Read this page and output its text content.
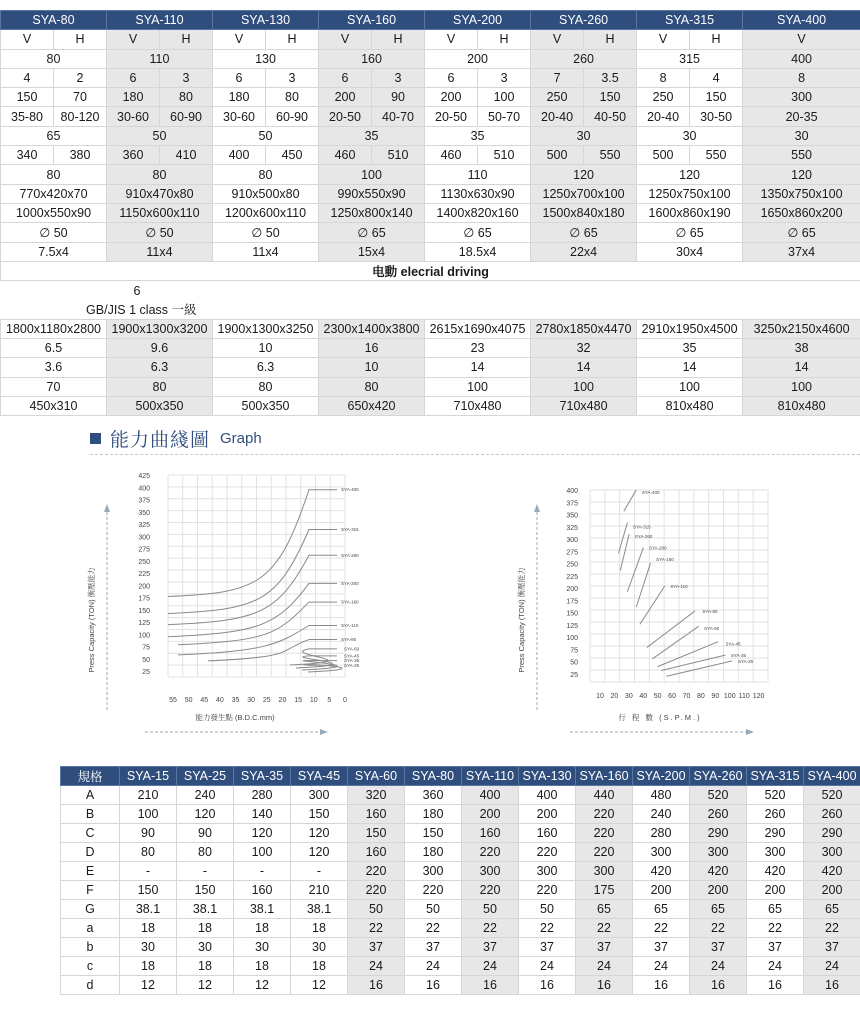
SYA-80		SYA-110		SYA-130		SYA-160		SYA-200		SYA-260		SYA-315		SYA-400
V	H	V	H	V	H	V	H	V	H	V	H	V	H	V
80		110		130		160		200		260		315		400
4	2	6	3	6	3	6	3	6	3	7	3.5	8	4	8
150	70	180	80	180	80	200	90	200	100	250	150	250	150	300
35-80	80-120	30-60	60-90	30-60	60-90	20-50	40-70	20-50	50-70	20-40	40-50	20-40	30-50	20-35
65		50		50		35		35		30		30		30
340	380	360	410	400	450	460	510	460	510	500	550	500	550	550
80		80		80		100		110		120		120		120
770x420x70		910x470x80		910x500x80		990x550x90		1130x630x90		1250x700x100		1250x750x100		1350x750x100
1000x550x90		1150x600x110		1200x600x110		1250x800x140		1400x820x160		1500x840x180		1600x860x190		1650x860x200
∅ 50		∅ 50		∅ 50		∅ 65		∅ 65		∅ 65		∅ 65		∅ 65
7.5x4		11x4		11x4		15x4		18.5x4		22x4		30x4		37x4
电動 elecrial driving														
6														
GB/JIS 1 class 一級														
1800x1180x2800		1900x1300x3200		1900x1300x3250		2300x1400x3800		2615x1690x4075		2780x1850x4470		2910x1950x4500		3250x2150x4600
6.5		9.6		10		16		23		32		35		38
3.6		6.3		6.3		10		14		14		14		14
70		80		80		80		100		100		100		100
450x310		500x350		500x350		650x420		710x480		710x480		810x480		810x480
能力曲綫圖 Graph
425
400
375
350
325
300
275
250
225
200
175
150
125
100
75
50
25
55 50 45 40 35 30 25 20 15 10 5 0
SYA-400
SYA-315
SYA-260
SYA-200
SYA-160
SYA-110
SYA-80
SYA-60
SYA-45
SYA-35
SYA-25
Press Capacity (TON) 衝壓能力
能力發生點 (B.D.C.mm)
400
375
350
325
300
275
250
225
200
175
150
125
100
75
50
25
10 20 30 40 50 60 70 80 90 100 110 120
SYA-400
SYA-315
SYA-260
SYA-200
SYA-160
SYA-110
SYA-80
SYA-60
SYA-45
SYA-35
SYA-25
Press Capacity (TON) 衝壓能力
行 程 數 (S.P.M.)
規格	SYA-15	SYA-25	SYA-35	SYA-45	SYA-60	SYA-80	SYA-110	SYA-130	SYA-160	SYA-200	SYA-260	SYA-315	SYA-400
A	210	240	280	300	320	360	400	400	440	480	520	520	520
B	100	120	140	150	160	180	200	200	220	240	260	260	260
C	90	90	120	120	150	150	160	160	220	280	290	290	290
D	80	80	100	120	160	180	220	220	220	300	300	300	300
E	-	-	-	-	220	300	300	300	300	420	420	420	420
F	150	150	160	210	220	220	220	220	175	200	200	200	200
G	38.1	38.1	38.1	38.1	50	50	50	50	65	65	65	65	65
a	18	18	18	18	22	22	22	22	22	22	22	22	22
b	30	30	30	30	37	37	37	37	37	37	37	37	37
c	18	18	18	18	24	24	24	24	24	24	24	24	24
d	12	12	12	12	16	16	16	16	16	16	16	16	16
